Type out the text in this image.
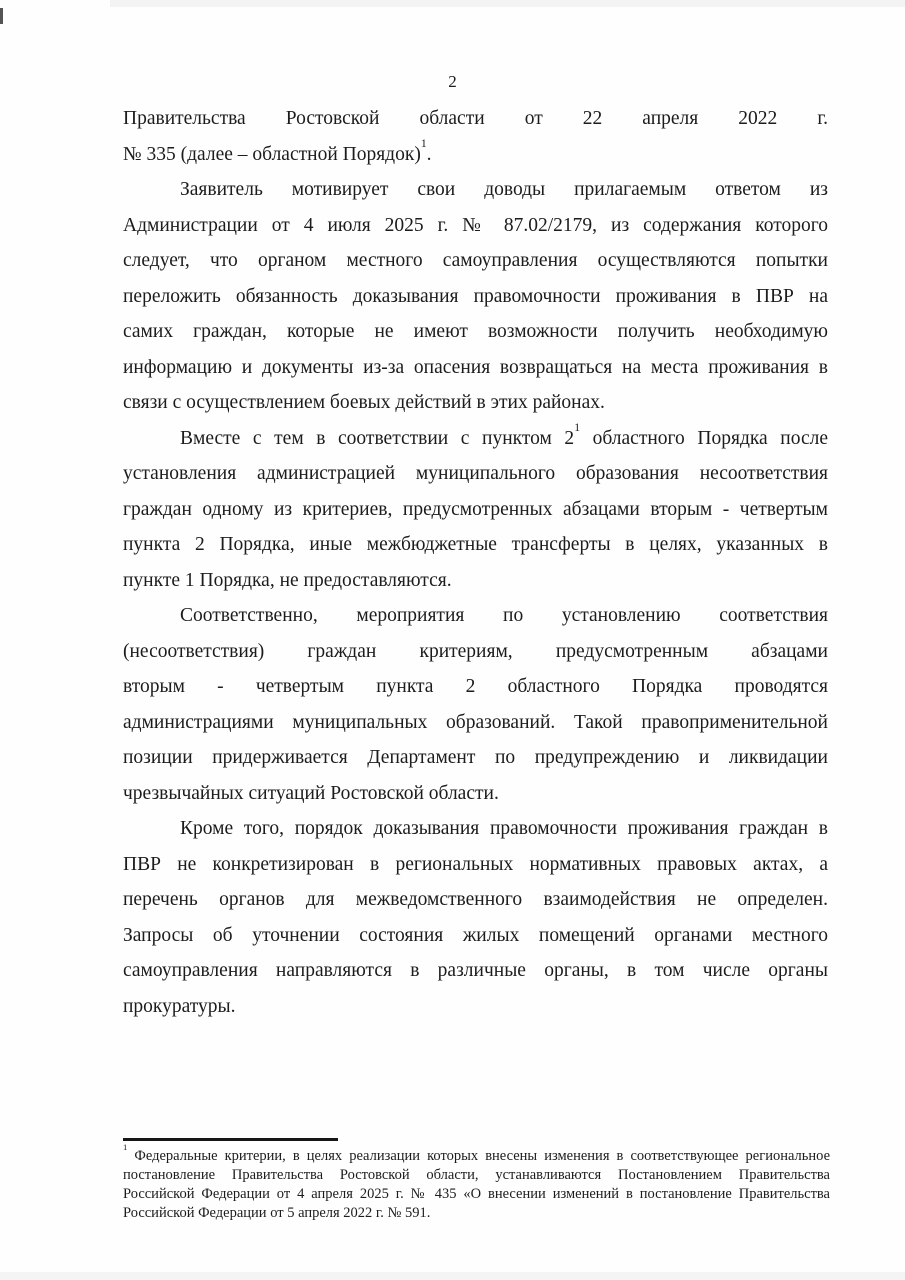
2
Правительства Ростовской области от 22 апреля 2022 г.
№ 335 (далее – областной Порядок)$^1$.
Заявитель мотивирует свои доводы прилагаемым ответом из
Администрации от 4 июля 2025 г. № 87.02/2179, из содержания которого
следует, что органом местного самоуправления осуществляются попытки
переложить обязанность доказывания правомочности проживания в ПВР на
самих граждан, которые не имеют возможности получить необходимую
информацию и документы из-за опасения возвращаться на места проживания в
связи с осуществлением боевых действий в этих районах.
Вместе с тем в соответствии с пунктом 2$^1$ областного Порядка после
установления администрацией муниципального образования несоответствия
граждан одному из критериев, предусмотренных абзацами вторым - четвертым
пункта 2 Порядка, иные межбюджетные трансферты в целях, указанных в
пункте 1 Порядка, не предоставляются.
Соответственно, мероприятия по установлению соответствия
(несоответствия) граждан критериям, предусмотренным абзацами
вторым - четвертым пункта 2 областного Порядка проводятся
администрациями муниципальных образований. Такой правоприменительной
позиции придерживается Департамент по предупреждению и ликвидации
чрезвычайных ситуаций Ростовской области.
Кроме того, порядок доказывания правомочности проживания граждан в
ПВР не конкретизирован в региональных нормативных правовых актах, а
перечень органов для межведомственного взаимодействия не определен.
Запросы об уточнении состояния жилых помещений органами местного
самоуправления направляются в различные органы, в том числе органы
прокуратуры.
$^1$ Федеральные критерии, в целях реализации которых внесены изменения в соответствующее региональное
постановление Правительства Ростовской области, устанавливаются Постановлением Правительства
Российской Федерации от 4 апреля 2025 г. № 435 «О внесении изменений в постановление Правительства
Российской Федерации от 5 апреля 2022 г. № 591.
